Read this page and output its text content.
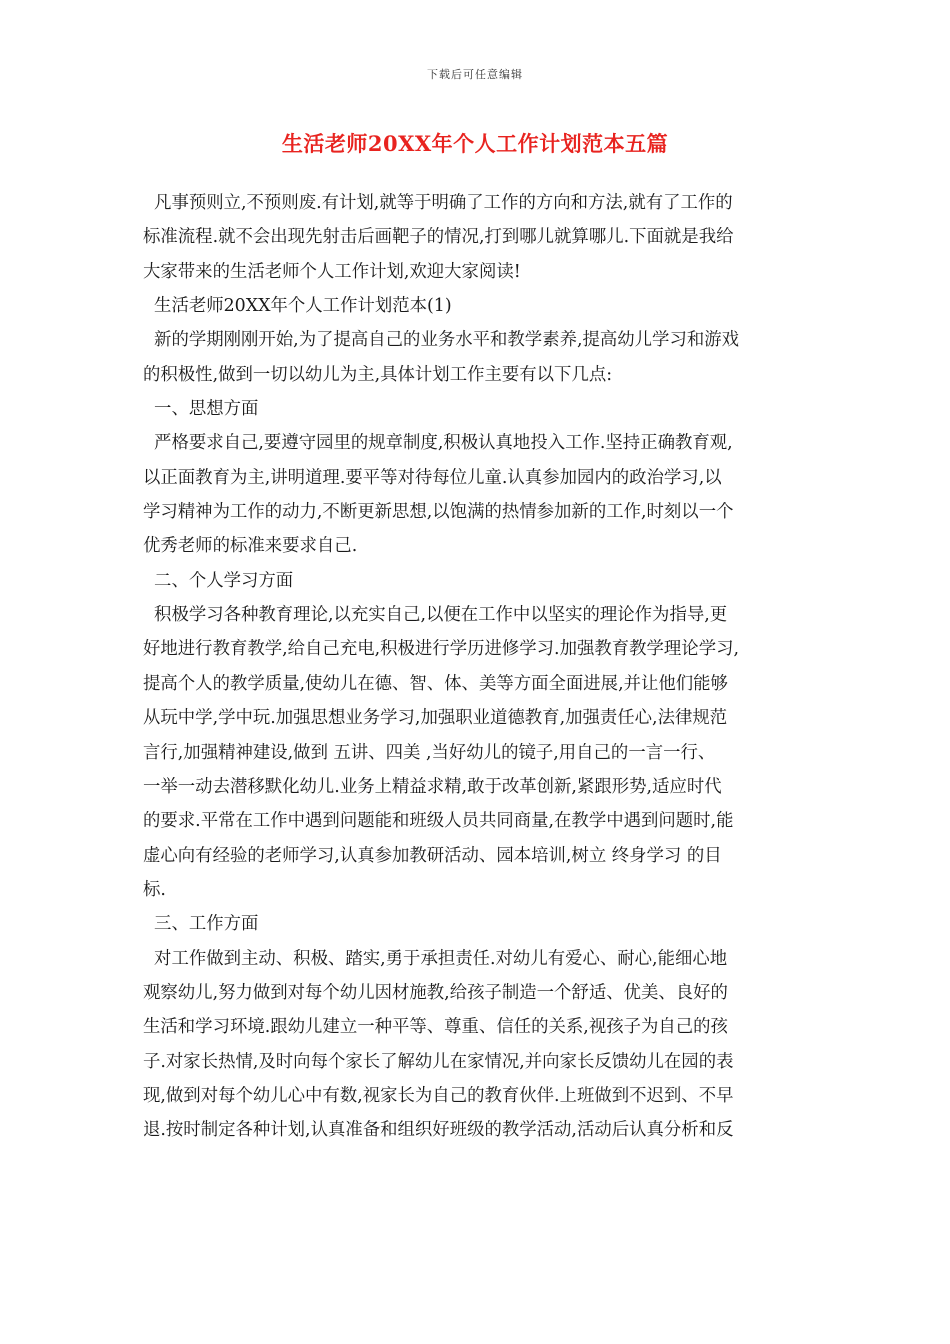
下载后可任意编辑
生活老师20XX年个人工作计划范本五篇
凡事预则立,不预则废.有计划,就等于明确了工作的方向和方法,就有了工作的
标准流程.就不会出现先射击后画靶子的情况,打到哪儿就算哪儿.下面就是我给
大家带来的生活老师个人工作计划,欢迎大家阅读!
生活老师20XX年个人工作计划范本(1)
新的学期刚刚开始,为了提高自己的业务水平和教学素养,提高幼儿学习和游戏
的积极性,做到一切以幼儿为主,具体计划工作主要有以下几点:
一、思想方面
严格要求自己,要遵守园里的规章制度,积极认真地投入工作.坚持正确教育观,
以正面教育为主,讲明道理.要平等对待每位儿童.认真参加园内的政治学习,以
学习精神为工作的动力,不断更新思想,以饱满的热情参加新的工作,时刻以一个
优秀老师的标准来要求自己.
二、个人学习方面
积极学习各种教育理论,以充实自己,以便在工作中以坚实的理论作为指导,更
好地进行教育教学,给自己充电,积极进行学历进修学习.加强教育教学理论学习,
提高个人的教学质量,使幼儿在德、智、体、美等方面全面进展,并让他们能够
从玩中学,学中玩.加强思想业务学习,加强职业道德教育,加强责任心,法律规范
言行,加强精神建设,做到 五讲、四美 ,当好幼儿的镜子,用自己的一言一行、
一举一动去潜移默化幼儿.业务上精益求精,敢于改革创新,紧跟形势,适应时代
的要求.平常在工作中遇到问题能和班级人员共同商量,在教学中遇到问题时,能
虚心向有经验的老师学习,认真参加教研活动、园本培训,树立 终身学习 的目
标.
三、工作方面
对工作做到主动、积极、踏实,勇于承担责任.对幼儿有爱心、耐心,能细心地
观察幼儿,努力做到对每个幼儿因材施教,给孩子制造一个舒适、优美、良好的
生活和学习环境.跟幼儿建立一种平等、尊重、信任的关系,视孩子为自己的孩
子.对家长热情,及时向每个家长了解幼儿在家情况,并向家长反馈幼儿在园的表
现,做到对每个幼儿心中有数,视家长为自己的教育伙伴.上班做到不迟到、不早
退.按时制定各种计划,认真准备和组织好班级的教学活动,活动后认真分析和反
